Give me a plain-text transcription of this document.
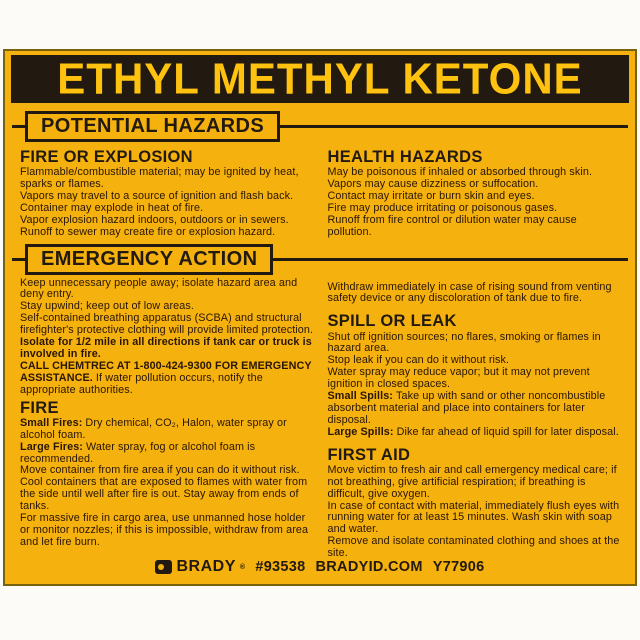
ETHYL METHYL KETONE
POTENTIAL HAZARDS
FIRE OR EXPLOSION

Flammable/combustible material; may be ignited by heat, sparks or flames.

Vapors may travel to a source of ignition and flash back.

Container may explode in heat of fire.

Vapor explosion hazard indoors, outdoors or in sewers.

Runoff to sewer may create fire or explosion hazard.

HEALTH HAZARDS

May be poisonous if inhaled or absorbed through skin.

Vapors may cause dizziness or suffocation.

Contact may irritate or burn skin and eyes.

Fire may produce irritating or poisonous gases.

Runoff from fire control or dilution water may cause pollution.

EMERGENCY ACTION

Keep unnecessary people away; isolate hazard area and deny entry.

Stay upwind; keep out of low areas.

Self-contained breathing apparatus (SCBA) and structural firefighter's protective clothing will provide limited protection.

Isolate for 1/2 mile in all directions if tank car or truck is involved in fire.

CALL CHEMTREC AT 1-800-424-9300 FOR EMERGENCY ASSISTANCE. If water pollution occurs, notify the appropriate authorities.

FIRE

Small Fires: Dry chemical, CO₂, Halon, water spray or alcohol foam.

Large Fires: Water spray, fog or alcohol foam is recommended.

Move container from fire area if you can do it without risk.

Cool containers that are exposed to flames with water from the side until well after fire is out. Stay away from ends of tanks.

For massive fire in cargo area, use unmanned hose holder or monitor nozzles; if this is impossible, withdraw from area and let fire burn.

Withdraw immediately in case of rising sound from venting safety device or any discoloration of tank due to fire.

SPILL OR LEAK

Shut off ignition sources; no flares, smoking or flames in hazard area.

Stop leak if you can do it without risk.

Water spray may reduce vapor; but it may not prevent ignition in closed spaces.

Small Spills: Take up with sand or other noncombustible absorbent material and place into containers for later disposal.

Large Spills: Dike far ahead of liquid spill for later disposal.

FIRST AID

Move victim to fresh air and call emergency medical care; if not breathing, give artificial respiration; if breathing is difficult, give oxygen.

In case of contact with material, immediately flush eyes with running water for at least 15 minutes. Wash skin with soap and water.

Remove and isolate contaminated clothing and shoes at the site.

BRADY ® #93538 BRADYID.COM Y77906
